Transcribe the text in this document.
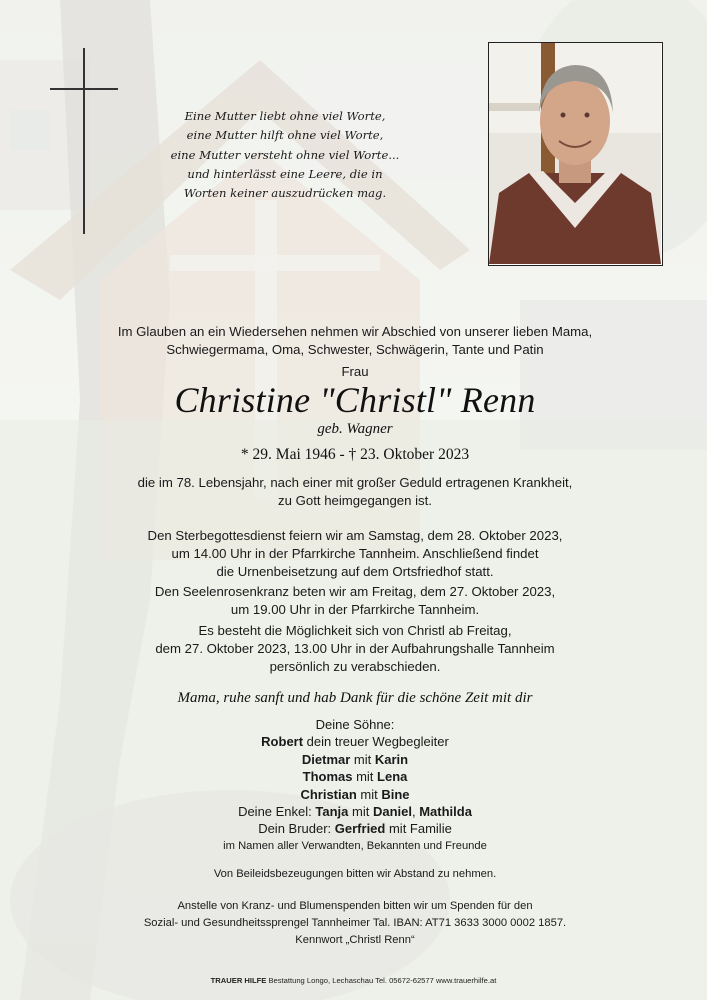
Eine Mutter liebt ohne viel Worte,
eine Mutter hilft ohne viel Worte,
eine Mutter versteht ohne viel Worte...
und hinterlässt eine Leere, die in
Worten keiner auszudrücken mag.
Im Glauben an ein Wiedersehen nehmen wir Abschied von unserer lieben Mama,
Schwiegermama, Oma, Schwester, Schwägerin, Tante und Patin
Frau
Christine "Christl" Renn
geb. Wagner
* 29. Mai 1946 - † 23. Oktober 2023
die im 78. Lebensjahr, nach einer mit großer Geduld ertragenen Krankheit,
zu Gott heimgegangen ist.
Den Sterbegottesdienst feiern wir am Samstag, dem 28. Oktober 2023,
um 14.00 Uhr in der Pfarrkirche Tannheim. Anschließend findet
die Urnenbeisetzung auf dem Ortsfriedhof statt.
Den Seelenrosenkranz beten wir am Freitag, dem 27. Oktober 2023,
um 19.00 Uhr in der Pfarrkirche Tannheim.
Es besteht die Möglichkeit sich von Christl ab Freitag,
dem 27. Oktober 2023, 13.00 Uhr in der Aufbahrungshalle Tannheim
persönlich zu verabschieden.
Mama, ruhe sanft und hab Dank für die schöne Zeit mit dir
Deine Söhne:
Robert dein treuer Wegbegleiter
Dietmar mit Karin
Thomas mit Lena
Christian mit Bine
Deine Enkel: Tanja mit Daniel, Mathilda
Dein Bruder: Gerfried mit Familie
im Namen aller Verwandten, Bekannten und Freunde
Von Beileidsbezeugungen bitten wir Abstand zu nehmen.
Anstelle von Kranz- und Blumenspenden bitten wir um Spenden für den
Sozial- und Gesundheitssprengel Tannheimer Tal. IBAN: AT71 3633 3000 0002 1857.
Kennwort „Christl Renn“
TRAUER HILFE Bestattung Longo, Lechaschau Tel. 05672-62577 www.trauerhilfe.at
